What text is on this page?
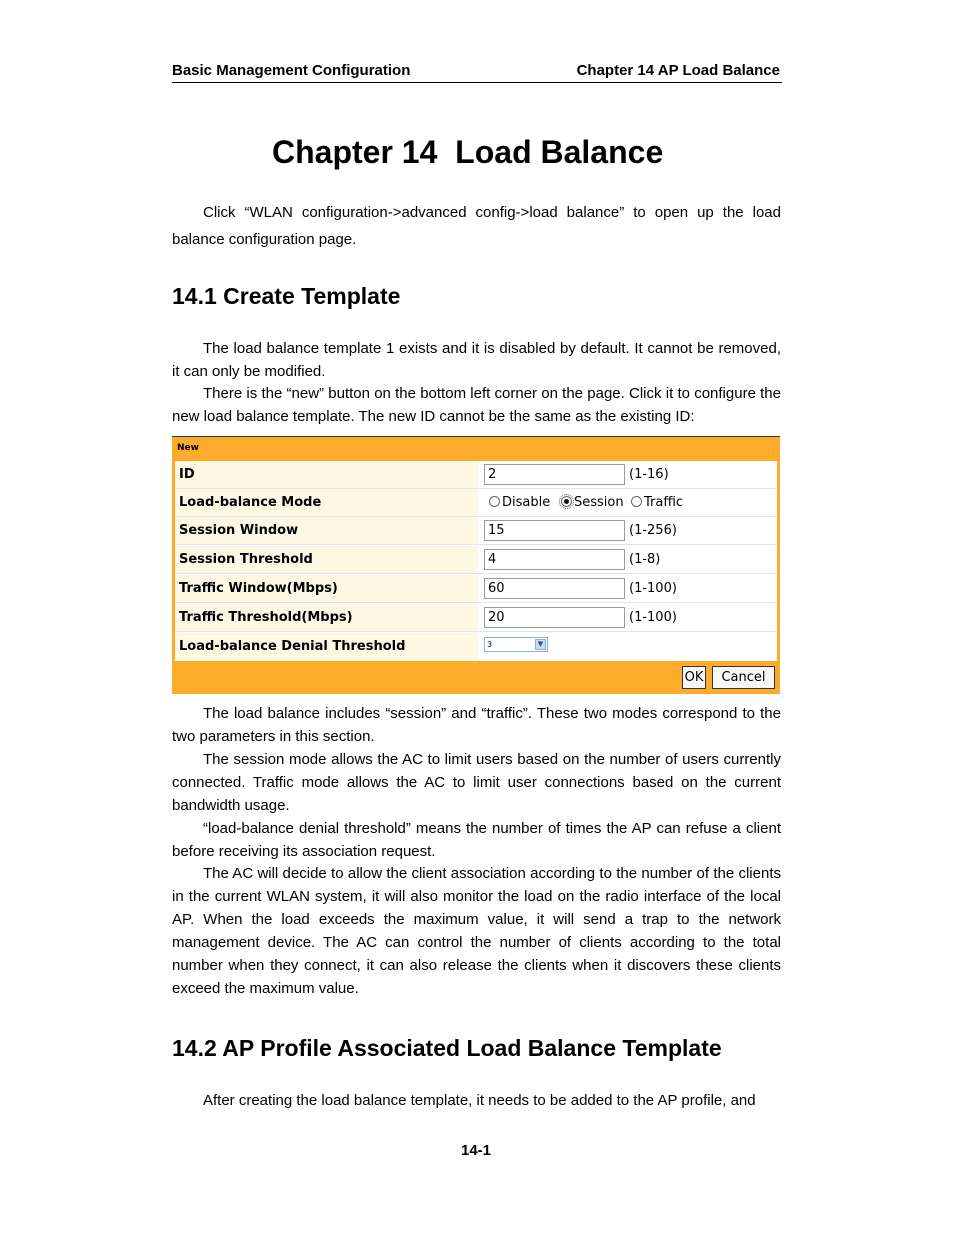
Basic Management Configuration	Chapter 14 AP Load Balance
Chapter 14  Load Balance

Click “WLAN configuration->advanced config->load balance” to open up the load balance configuration page.

14.1 Create Template

The load balance template 1 exists and it is disabled by default. It cannot be removed, it can only be modified.

There is the “new” button on the bottom left corner on the page. Click it to configure the new load balance template. The new ID cannot be the same as the existing ID:

New
ID	2	(1-16)
Load-balance Mode	Disable	Session	Traffic
Session Window	15	(1-256)
Session Threshold	4	(1-8)
Traffic Window(Mbps)	60	(1-100)
Traffic Threshold(Mbps)	20	(1-100)
Load-balance Denial Threshold	3	▼
OK	Cancel

The load balance includes “session” and “traffic”. These two modes correspond to the two parameters in this section.

The session mode allows the AC to limit users based on the number of users currently connected. Traffic mode allows the AC to limit user connections based on the current bandwidth usage.

“load-balance denial threshold” means the number of times the AP can refuse a client before receiving its association request.

The AC will decide to allow the client association according to the number of the clients in the current WLAN system, it will also monitor the load on the radio interface of the local AP. When the load exceeds the maximum value, it will send a trap to the network management device. The AC can control the number of clients according to the total number when they connect, it can also release the clients when it discovers these clients exceed the maximum value.

14.2 AP Profile Associated Load Balance Template

After creating the load balance template, it needs to be added to the AP profile, and

14-1
